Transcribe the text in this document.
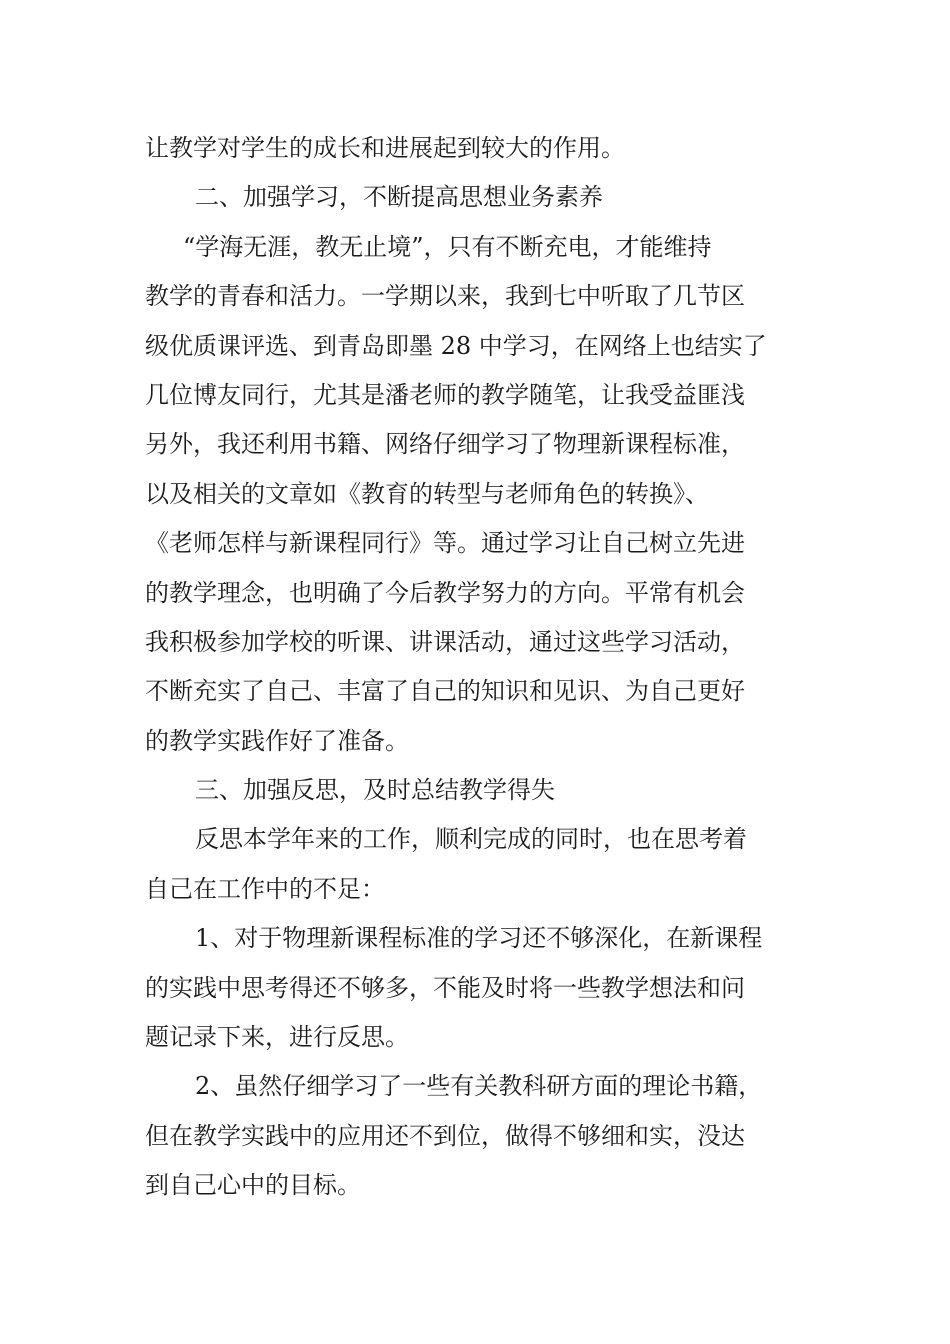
让教学对学生的成长和进展起到较大的作用。
二、加强学习，不断提高思想业务素养
“学海无涯，教无止境”，只有不断充电，才能维持
教学的青春和活力。一学期以来，我到七中听取了几节区
级优质课评选、到青岛即墨 28 中学习，在网络上也结实了
几位博友同行，尤其是潘老师的教学随笔，让我受益匪浅
另外，我还利用书籍、网络仔细学习了物理新课程标准，
以及相关的文章如《教育的转型与老师角色的转换》、
《老师怎样与新课程同行》等。通过学习让自己树立先进
的教学理念，也明确了今后教学努力的方向。平常有机会
我积极参加学校的听课、讲课活动，通过这些学习活动，
不断充实了自己、丰富了自己的知识和见识、为自己更好
的教学实践作好了准备。
三、加强反思，及时总结教学得失
反思本学年来的工作，顺利完成的同时，也在思考着
自己在工作中的不足：
1、对于物理新课程标准的学习还不够深化，在新课程
的实践中思考得还不够多，不能及时将一些教学想法和问
题记录下来，进行反思。
2、虽然仔细学习了一些有关教科研方面的理论书籍，
但在教学实践中的应用还不到位，做得不够细和实，没达
到自己心中的目标。
